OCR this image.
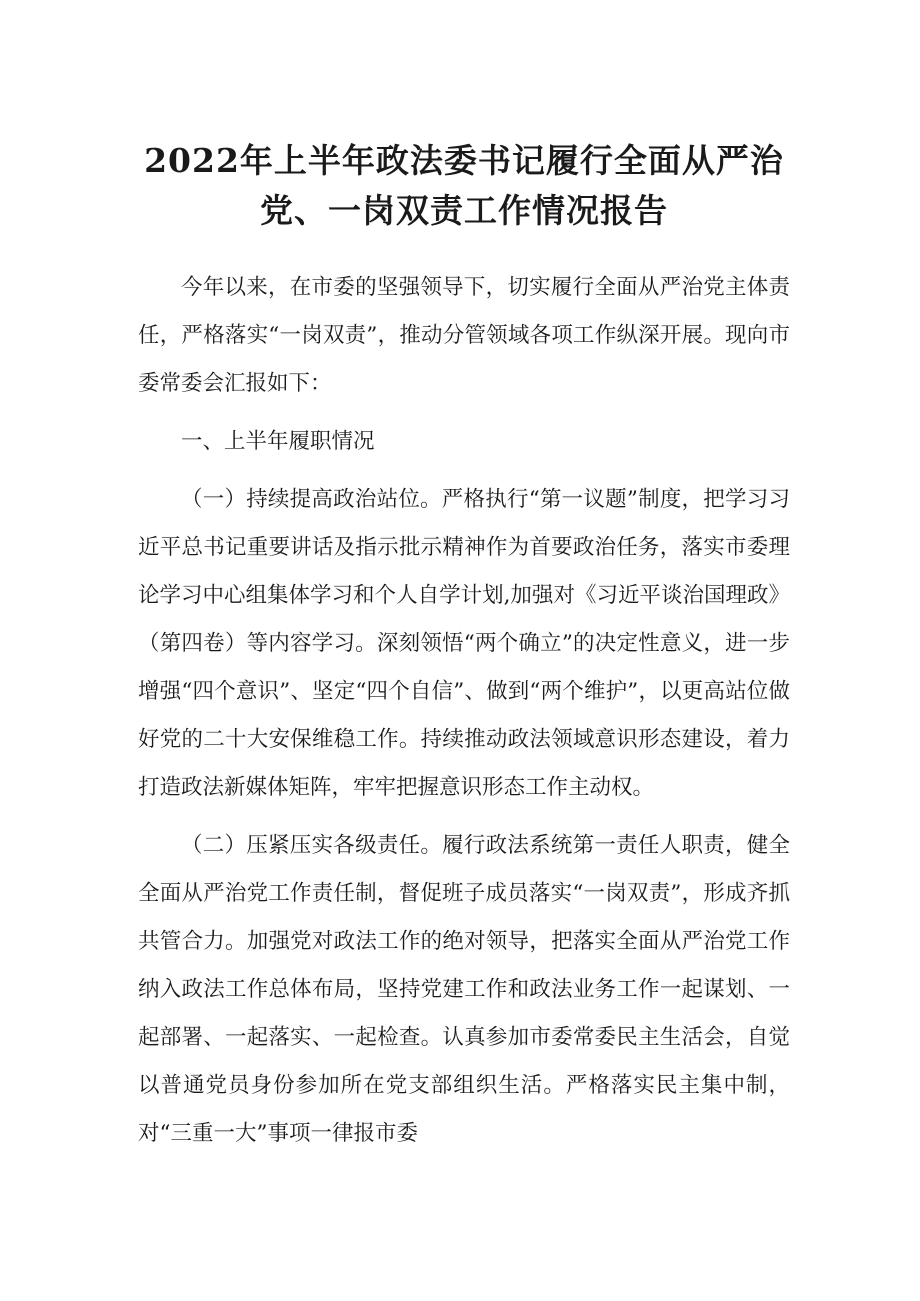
2022年上半年政法委书记履行全面从严治
党、一岗双责工作情况报告

今年以来，在市委的坚强领导下，切实履行全面从严治党主体责任，严格落实“一岗双责”，推动分管领域各项工作纵深开展。现向市委常委会汇报如下：

一、上半年履职情况

（一）持续提高政治站位。严格执行“第一议题”制度，把学习习近平总书记重要讲话及指示批示精神作为首要政治任务，落实市委理论学习中心组集体学习和个人自学计划,加强对《习近平谈治国理政》（第四卷）等内容学习。深刻领悟“两个确立”的决定性意义，进一步增强“四个意识”、坚定“四个自信”、做到“两个维护”，以更高站位做好党的二十大安保维稳工作。持续推动政法领域意识形态建设，着力打造政法新媒体矩阵，牢牢把握意识形态工作主动权。

（二）压紧压实各级责任。履行政法系统第一责任人职责，健全全面从严治党工作责任制，督促班子成员落实“一岗双责”，形成齐抓共管合力。加强党对政法工作的绝对领导，把落实全面从严治党工作纳入政法工作总体布局，坚持党建工作和政法业务工作一起谋划、一起部署、一起落实、一起检查。认真参加市委常委民主生活会，自觉以普通党员身份参加所在党支部组织生活。严格落实民主集中制，对“三重一大”事项一律报市委
